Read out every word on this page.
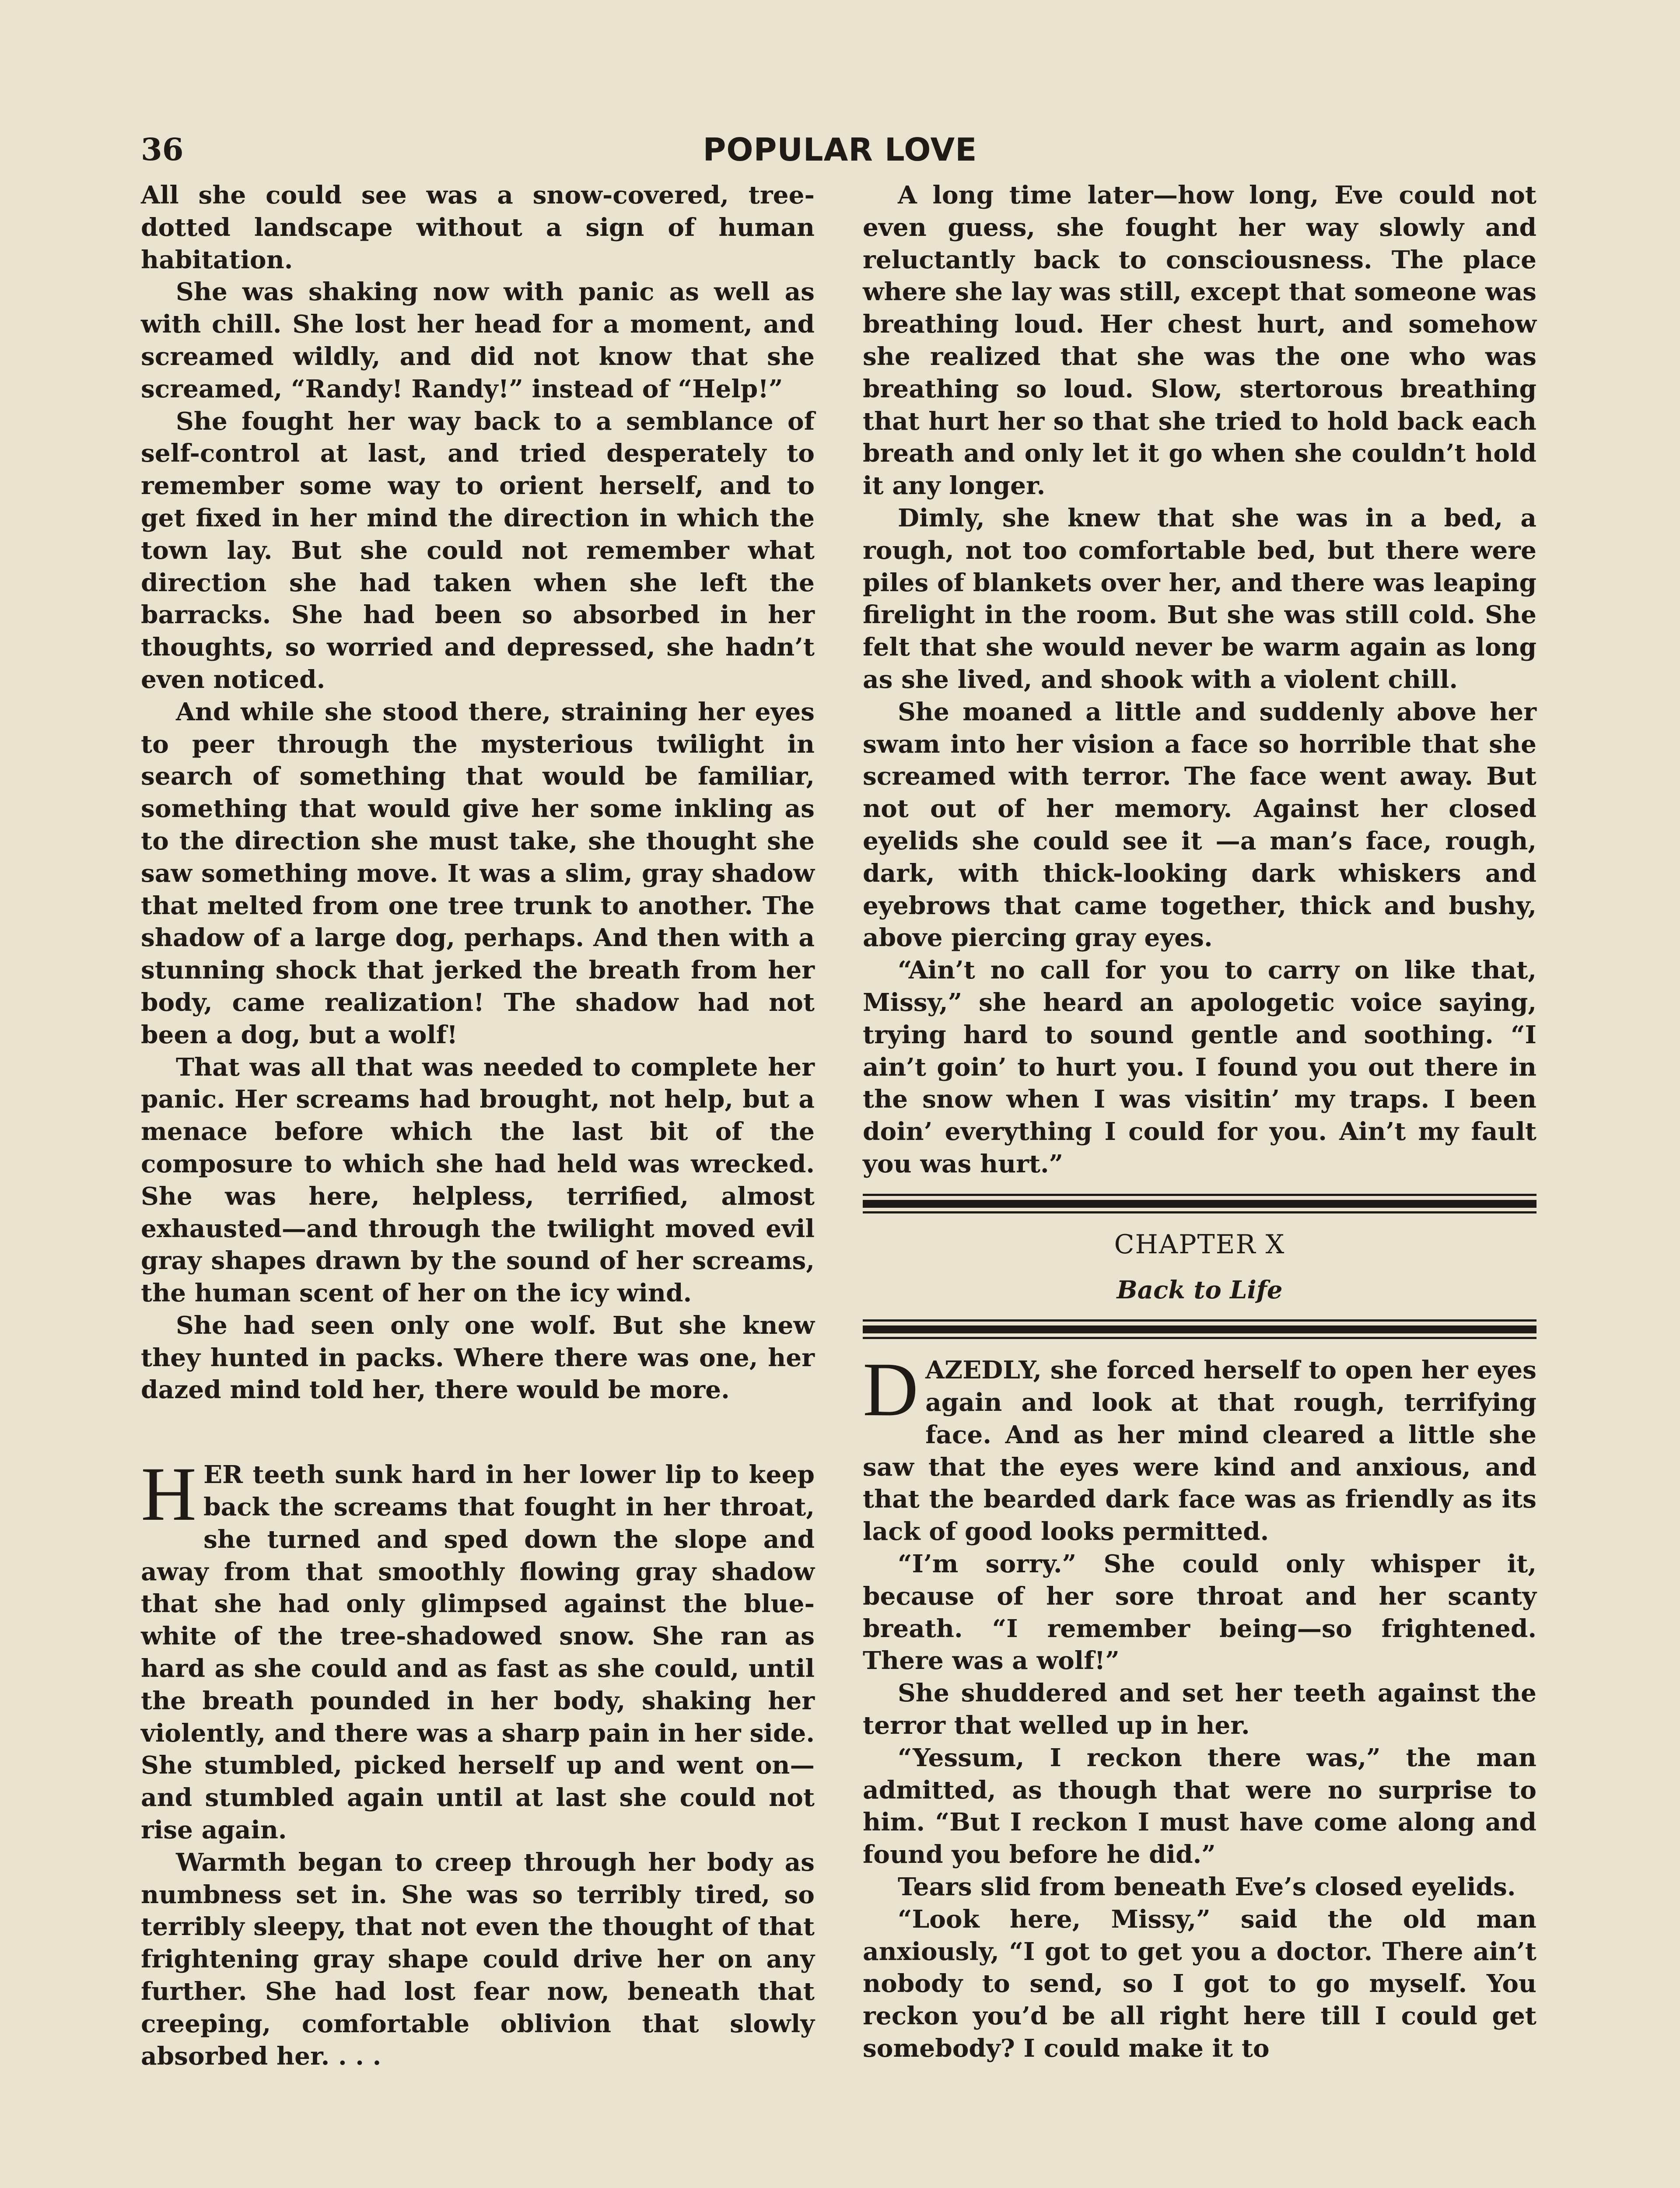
36	POPULAR LOVE

All she could see was a snow-covered, tree-dotted landscape without a sign of human habitation.

She was shaking now with panic as well as with chill. She lost her head for a moment, and screamed wildly, and did not know that she screamed, “Randy! Randy!” instead of “Help!”

She fought her way back to a semblance of self-control at last, and tried desperately to remember some way to orient herself, and to get fixed in her mind the direction in which the town lay. But she could not remember what direction she had taken when she left the barracks. She had been so absorbed in her thoughts, so worried and depressed, she hadn’t even noticed.

And while she stood there, straining her eyes to peer through the mysterious twilight in search of something that would be familiar, something that would give her some inkling as to the direction she must take, she thought she saw something move. It was a slim, gray shadow that melted from one tree trunk to another. The shadow of a large dog, perhaps. And then with a stunning shock that jerked the breath from her body, came realization! The shadow had not been a dog, but a wolf!

That was all that was needed to complete her panic. Her screams had brought, not help, but a menace before which the last bit of the composure to which she had held was wrecked. She was here, helpless, terrified, almost exhausted—and through the twilight moved evil gray shapes drawn by the sound of her screams, the human scent of her on the icy wind.

She had seen only one wolf. But she knew they hunted in packs. Where there was one, her dazed mind told her, there would be more.

HER teeth sunk hard in her lower lip to keep back the screams that fought in her throat, she turned and sped down the slope and away from that smoothly flowing gray shadow that she had only glimpsed against the blue-white of the tree-shadowed snow. She ran as hard as she could and as fast as she could, until the breath pounded in her body, shaking her violently, and there was a sharp pain in her side. She stumbled, picked herself up and went on—and stumbled again until at last she could not rise again.

Warmth began to creep through her body as numbness set in. She was so terribly tired, so terribly sleepy, that not even the thought of that frightening gray shape could drive her on any further. She had lost fear now, beneath that creeping, comfortable oblivion that slowly absorbed her. . . .

A long time later—how long, Eve could not even guess, she fought her way slowly and reluctantly back to consciousness. The place where she lay was still, except that someone was breathing loud. Her chest hurt, and somehow she realized that she was the one who was breathing so loud. Slow, stertorous breathing that hurt her so that she tried to hold back each breath and only let it go when she couldn’t hold it any longer.

Dimly, she knew that she was in a bed, a rough, not too comfortable bed, but there were piles of blankets over her, and there was leaping firelight in the room. But she was still cold. She felt that she would never be warm again as long as she lived, and shook with a violent chill.

She moaned a little and suddenly above her swam into her vision a face so horrible that she screamed with terror. The face went away. But not out of her memory. Against her closed eyelids she could see it —a man’s face, rough, dark, with thick-looking dark whiskers and eyebrows that came together, thick and bushy, above piercing gray eyes.

“Ain’t no call for you to carry on like that, Missy,” she heard an apologetic voice saying, trying hard to sound gentle and soothing. “I ain’t goin’ to hurt you. I found you out there in the snow when I was visitin’ my traps. I been doin’ everything I could for you. Ain’t my fault you was hurt.”

CHAPTER X
Back to Life

DAZEDLY, she forced herself to open her eyes again and look at that rough, terrifying face. And as her mind cleared a little she saw that the eyes were kind and anxious, and that the bearded dark face was as friendly as its lack of good looks permitted.

“I’m sorry.” She could only whisper it, because of her sore throat and her scanty breath. “I remember being—so frightened. There was a wolf!”

She shuddered and set her teeth against the terror that welled up in her.

“Yessum, I reckon there was,” the man admitted, as though that were no surprise to him. “But I reckon I must have come along and found you before he did.”

Tears slid from beneath Eve’s closed eyelids.

“Look here, Missy,” said the old man anxiously, “I got to get you a doctor. There ain’t nobody to send, so I got to go myself. You reckon you’d be all right here till I could get somebody? I could make it to
